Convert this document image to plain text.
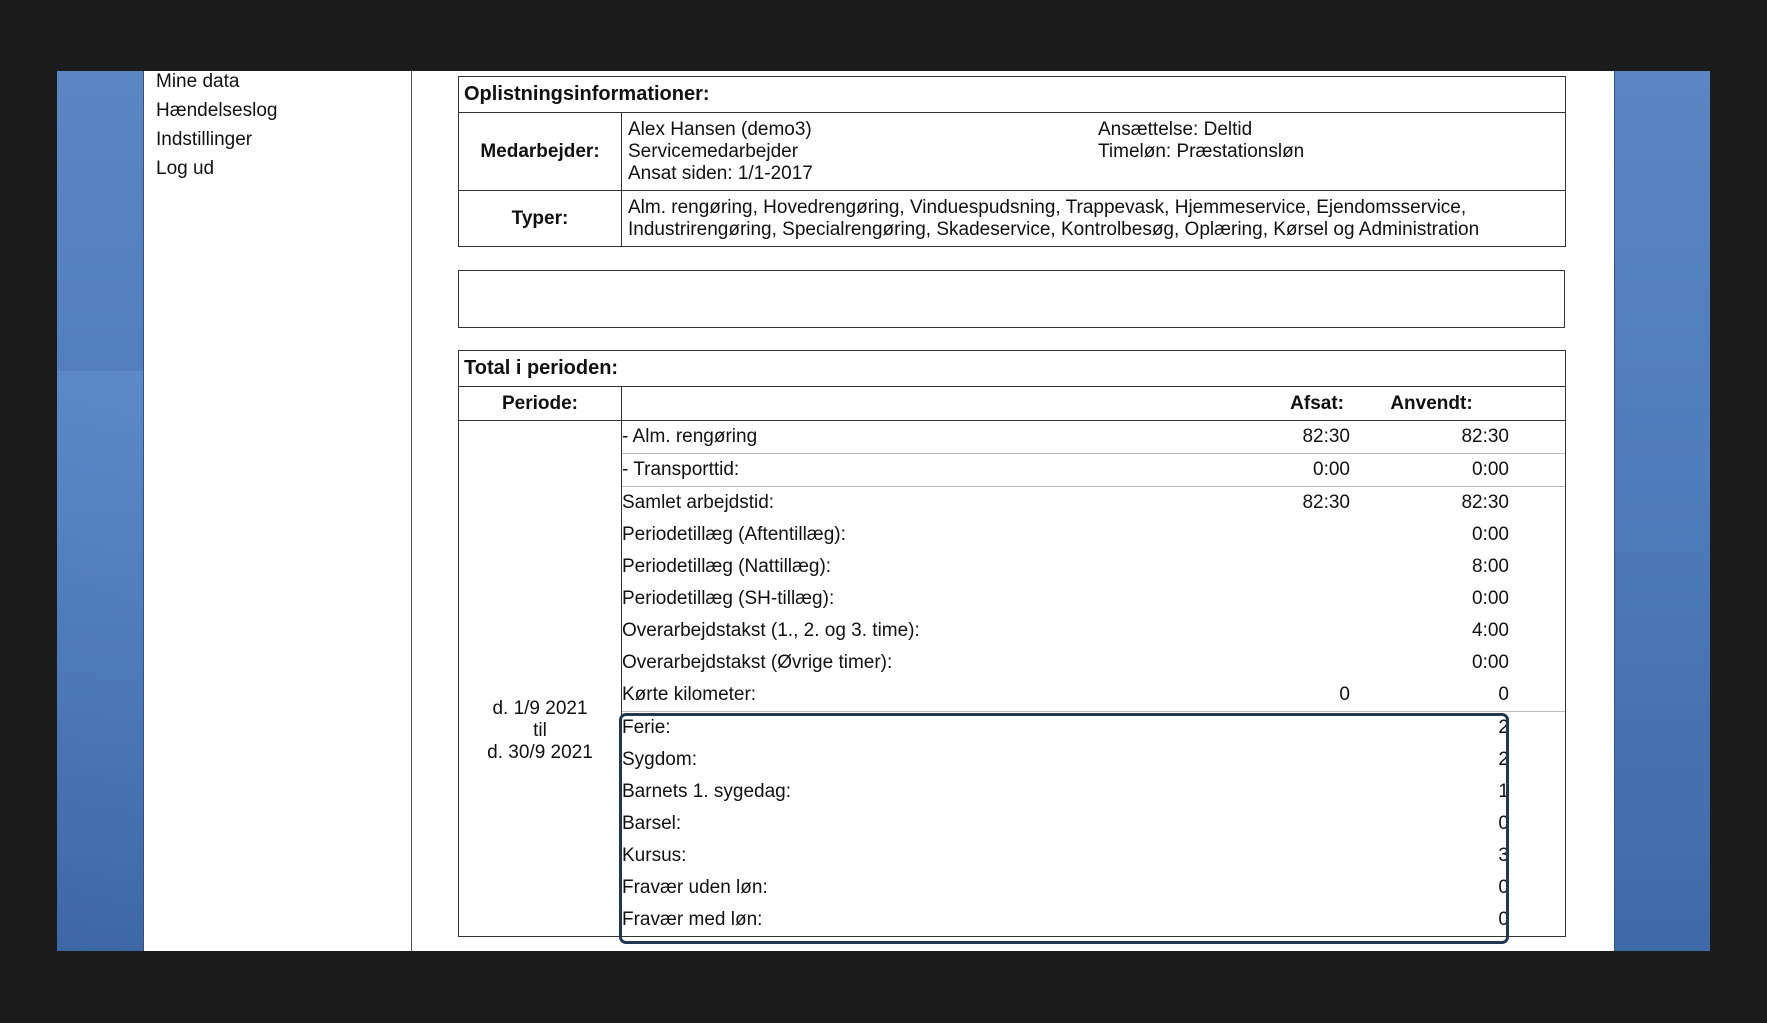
Mine data
Hændelseslog
Indstillinger
Log ud
Oplistningsinformationer:	
Medarbejder:	Alex Hansen (demo3)
Servicemedarbejder
Ansat siden: 1/1-2017
Ansættelse: Deltid
Timeløn: Præstationsløn

Typer:	Alm. rengøring, Hovedrengøring, Vinduespudsning, Trappevask, Hjemmeservice, Ejendomsservice,
Industrirengøring, Specialrengøring, Skadeservice, Kontrolbesøg, Oplæring, Kørsel og Administration
Total i perioden:
Periode:	
		Afsat:	Anvendt:	

d. 1/9 2021
til
d. 30/9 2021

- Alm. rengøring	82:30	82:30	
- Transporttid:	0:00	0:00	
Samlet arbejdstid:	82:30	82:30	
Periodetillæg (Aftentillæg):		0:00	
Periodetillæg (Nattillæg):		8:00	
Periodetillæg (SH-tillæg):		0:00	
Overarbejdstakst (1., 2. og 3. time):		4:00	
Overarbejdstakst (Øvrige timer):		0:00	
Kørte kilometer:	0	0	
Ferie:		2	
Sygdom:		2	
Barnets 1. sygedag:		1	
Barsel:		0	
Kursus:		3	
Fravær uden løn:		0	
Fravær med løn:		0	
